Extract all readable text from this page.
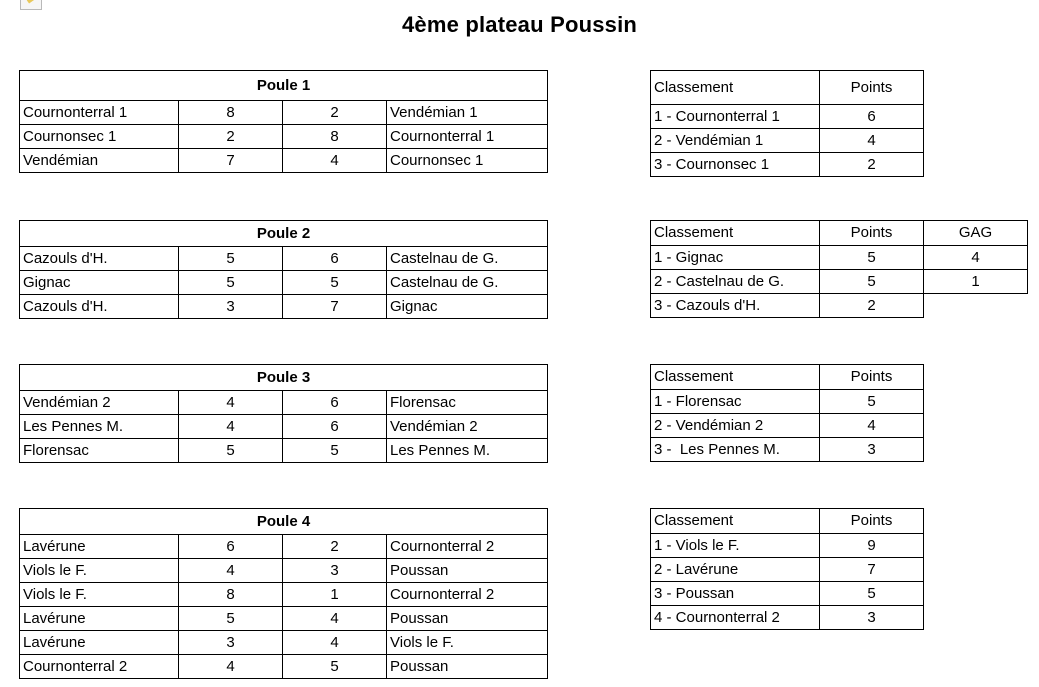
4ème plateau Poussin
Poule 1			
Cournonterral 1	8	2	Vendémian 1
Cournonsec 1	2	8	Cournonterral 1
Vendémian	7	4	Cournonsec 1
Classement	Points
1 - Cournonterral 1	6
2 - Vendémian 1	4
3 - Cournonsec 1	2
Poule 2			
Cazouls d'H.	5	6	Castelnau de G.
Gignac	5	5	Castelnau de G.
Cazouls d'H.	3	7	Gignac
Classement	Points	GAG
1 - Gignac	5	4
2 - Castelnau de G.	5	1
3 - Cazouls d'H.	2	
Poule 3			
Vendémian 2	4	6	Florensac
Les Pennes M.	4	6	Vendémian 2
Florensac	5	5	Les Pennes M.
Classement	Points
1 - Florensac	5
2 - Vendémian 2	4
3 -  Les Pennes M.	3
Poule 4			
Lavérune	6	2	Cournonterral 2
Viols le F.	4	3	Poussan
Viols le F.	8	1	Cournonterral 2
Lavérune	5	4	Poussan
Lavérune	3	4	Viols le F.
Cournonterral 2	4	5	Poussan
Classement	Points
1 - Viols le F.	9
2 - Lavérune	7
3 - Poussan	5
4 - Cournonterral 2	3
